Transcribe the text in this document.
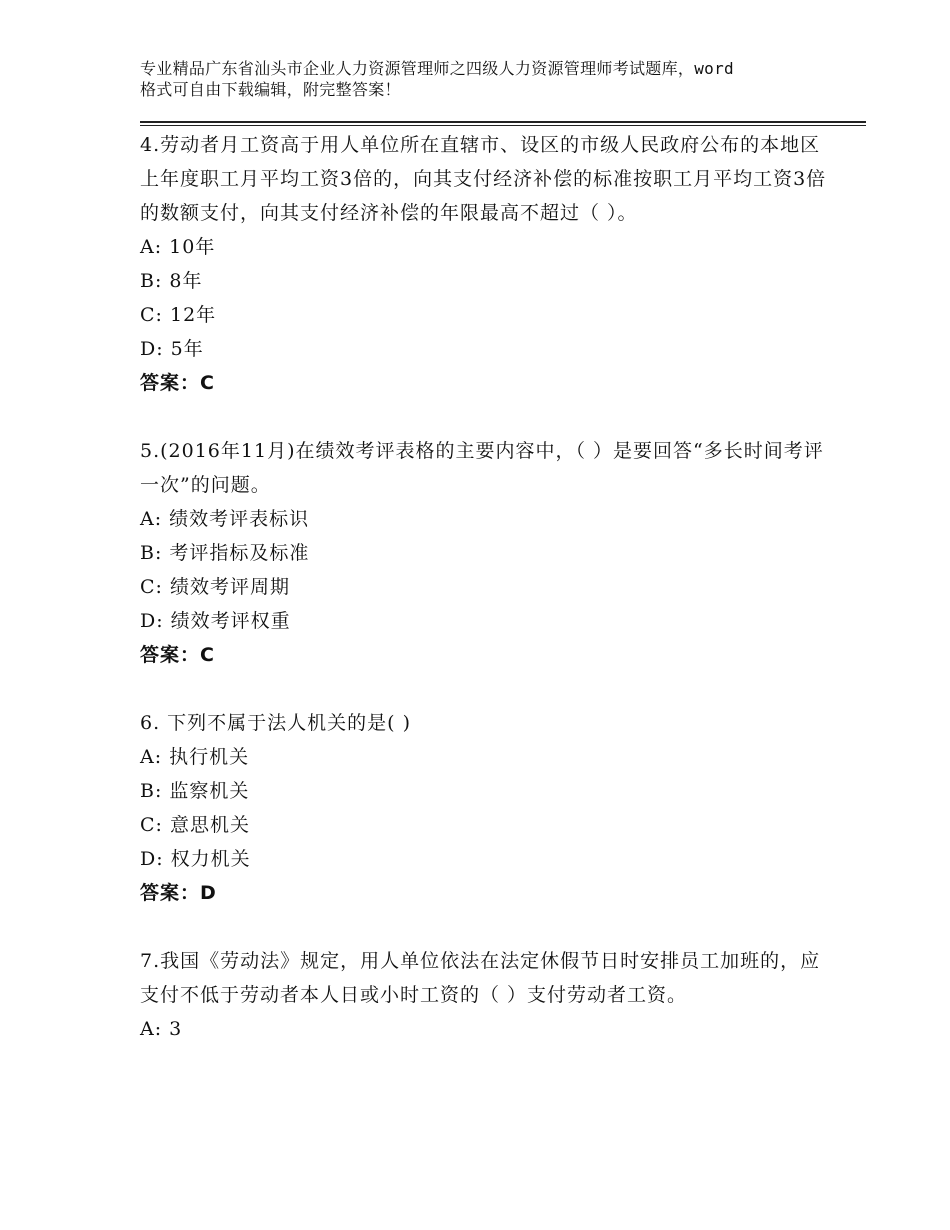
专业精品广东省汕头市企业人力资源管理师之四级人力资源管理师考试题库，word
格式可自由下载编辑，附完整答案！

4.劳动者月工资高于用人单位所在直辖市、设区的市级人民政府公布的本地区上年度职工月平均工资3倍的，向其支付经济补偿的标准按职工月平均工资3倍的数额支付，向其支付经济补偿的年限最高不超过（ ）。

A: 10年

B: 8年

C: 12年

D: 5年

答案：C

5.(2016年11月)在绩效考评表格的主要内容中，（ ）是要回答“多长时间考评一次”的问题。

A: 绩效考评表标识

B: 考评指标及标准

C: 绩效考评周期

D: 绩效考评权重

答案：C

6. 下列不属于法人机关的是( )

A: 执行机关

B: 监察机关

C: 意思机关

D: 权力机关

答案：D

7.我国《劳动法》规定，用人单位依法在法定休假节日时安排员工加班的，应支付不低于劳动者本人日或小时工资的（ ）支付劳动者工资。

A: 3
